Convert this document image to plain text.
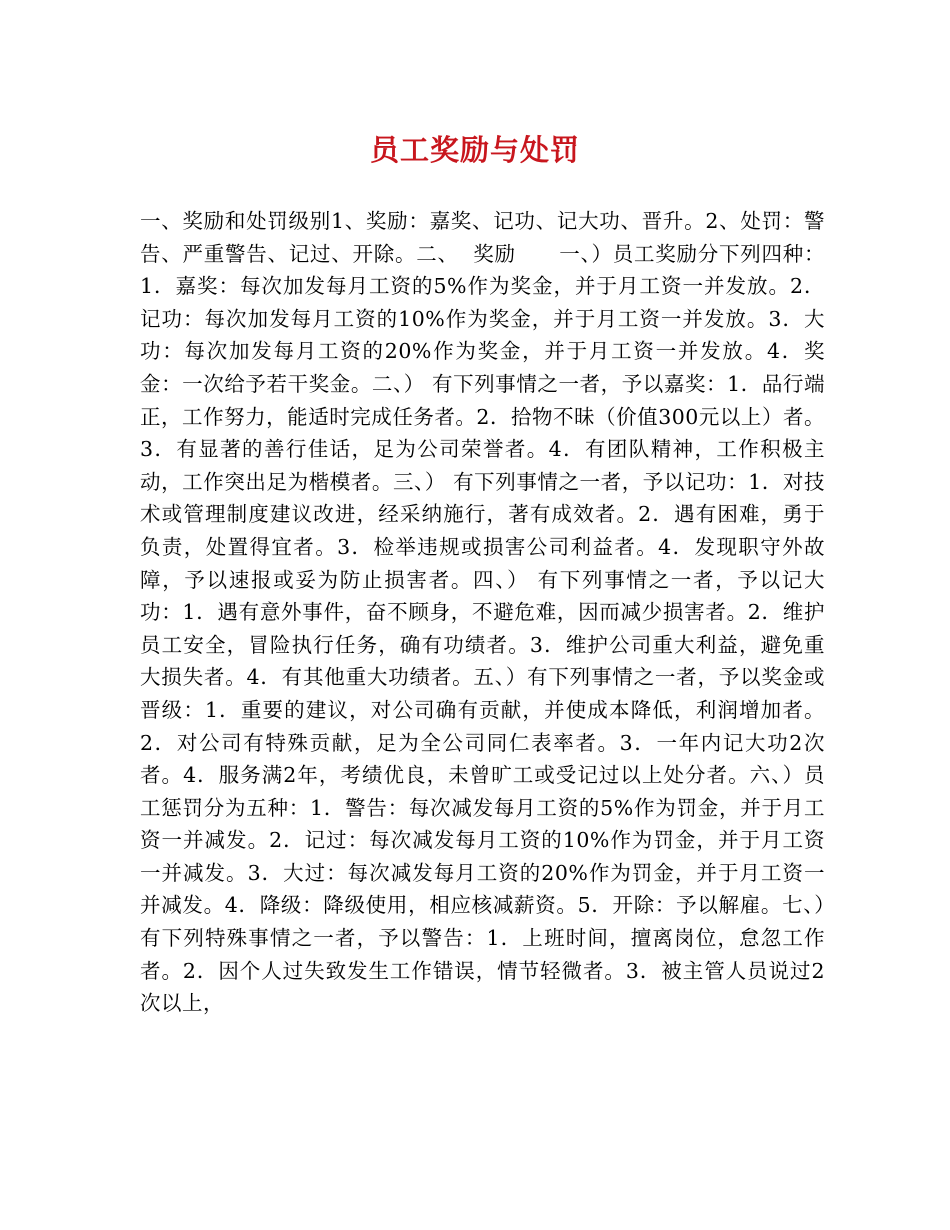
员工奖励与处罚

一、奖励和处罚级别1、奖励：嘉奖、记功、记大功、晋升。2、处罚：警告、严重警告、记过、开除。二、  奖励      一、）员工奖励分下列四种：1．嘉奖：每次加发每月工资的5%作为奖金，并于月工资一并发放。2．记功：每次加发每月工资的10%作为奖金，并于月工资一并发放。3．大功：每次加发每月工资的20%作为奖金，并于月工资一并发放。4．奖金：一次给予若干奖金。二、） 有下列事情之一者，予以嘉奖：1．品行端正，工作努力，能适时完成任务者。2．拾物不昧（价值300元以上）者。3．有显著的善行佳话，足为公司荣誉者。4．有团队精神，工作积极主动，工作突出足为楷模者。三、） 有下列事情之一者，予以记功：1．对技术或管理制度建议改进，经采纳施行，著有成效者。2．遇有困难，勇于负责，处置得宜者。3．检举违规或损害公司利益者。4．发现职守外故障，予以速报或妥为防止损害者。四、） 有下列事情之一者，予以记大功：1．遇有意外事件，奋不顾身，不避危难，因而减少损害者。2．维护员工安全，冒险执行任务，确有功绩者。3．维护公司重大利益，避免重大损失者。4．有其他重大功绩者。五、）有下列事情之一者，予以奖金或晋级：1．重要的建议，对公司确有贡献，并使成本降低，利润增加者。2．对公司有特殊贡献，足为全公司同仁表率者。3．一年内记大功2次者。4．服务满2年，考绩优良，未曾旷工或受记过以上处分者。六、）员工惩罚分为五种：1．警告：每次减发每月工资的5%作为罚金，并于月工资一并减发。2．记过：每次减发每月工资的10%作为罚金，并于月工资一并减发。3．大过：每次减发每月工资的20%作为罚金，并于月工资一并减发。4．降级：降级使用，相应核减薪资。5．开除：予以解雇。七、）有下列特殊事情之一者，予以警告：1．上班时间，擅离岗位，怠忽工作者。2．因个人过失致发生工作错误，情节轻微者。3．被主管人员说过2次以上，
